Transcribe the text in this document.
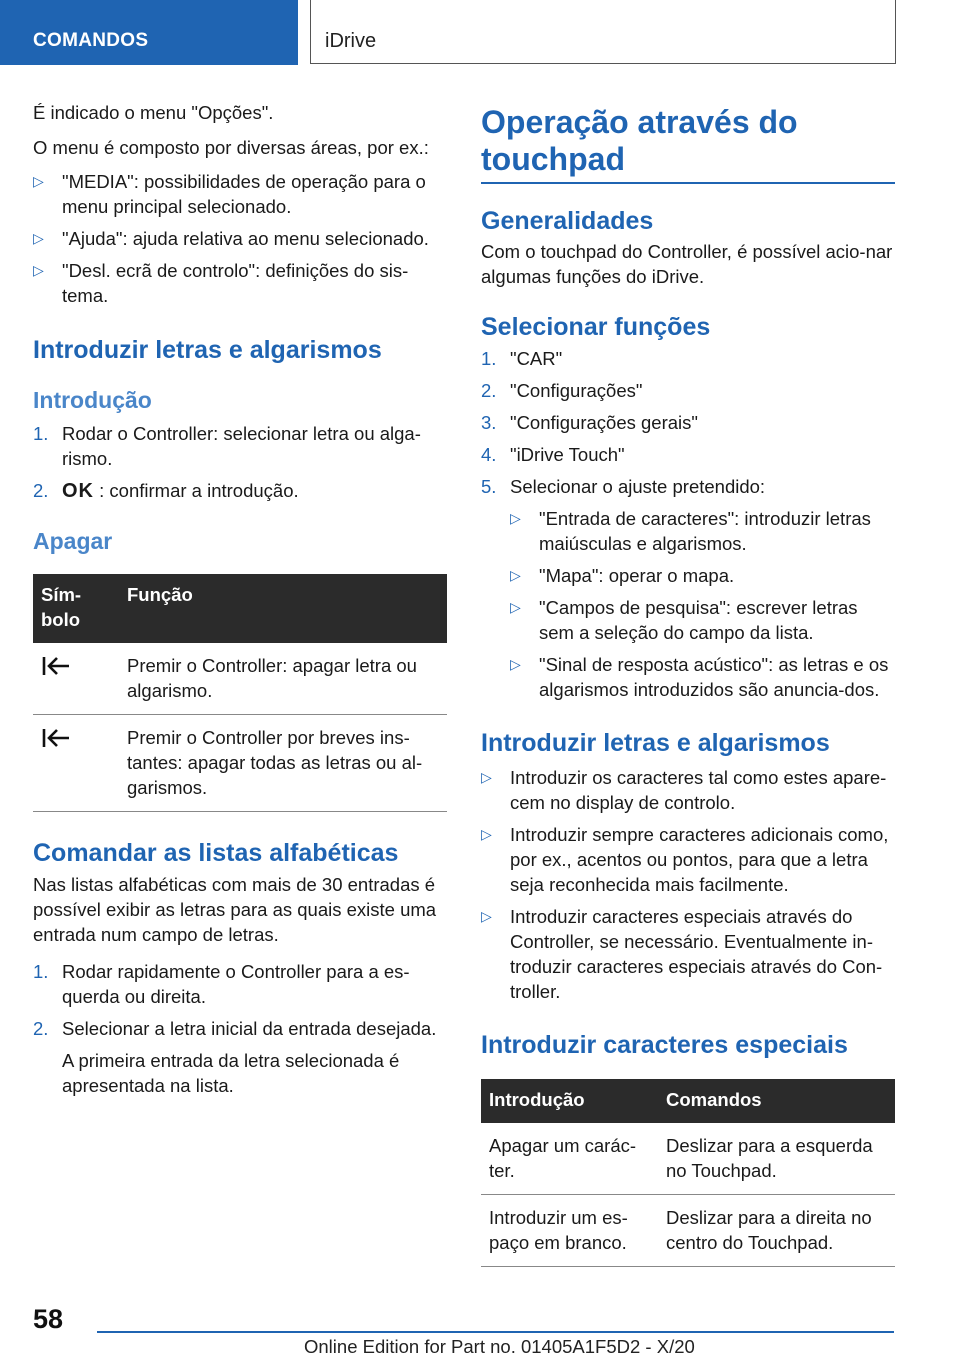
COMANDOS	iDrive

É indicado o menu "Opções".

O menu é composto por diversas áreas, por ex.:

▷ "MEDIA": possibilidades de operação para o menu principal selecionado.
▷ "Ajuda": ajuda relativa ao menu selecionado.
▷ "Desl. ecrã de controlo": definições do sis-tema.
Introduzir letras e algarismos
Introdução
1. Rodar o Controller: selecionar letra ou alga-rismo.
2. OK : confirmar a introdução.
Apagar
Sím-bolo	Função
	Premir o Controller: apagar letra ou algarismo.
	Premir o Controller por breves ins-tantes: apagar todas as letras ou al-garismos.
Comandar as listas alfabéticas

Nas listas alfabéticas com mais de 30 entradas é possível exibir as letras para as quais existe uma entrada num campo de letras.

1. Rodar rapidamente o Controller para a es-querda ou direita.
2. Selecionar a letra inicial da entrada desejada.

A primeira entrada da letra selecionada é apresentada na lista.

Operação através do touchpad
Generalidades

Com o touchpad do Controller, é possível acio-nar algumas funções do iDrive.

Selecionar funções
1. "CAR"
2. "Configurações"
3. "Configurações gerais"
4. "iDrive Touch"
5. Selecionar o ajuste pretendido:
▷ "Entrada de caracteres": introduzir letras maiúsculas e algarismos.
▷ "Mapa": operar o mapa.
▷ "Campos de pesquisa": escrever letras sem a seleção do campo da lista.
▷ "Sinal de resposta acústico": as letras e os algarismos introduzidos são anuncia-dos.
Introduzir letras e algarismos
▷ Introduzir os caracteres tal como estes apare-cem no display de controlo.
▷ Introduzir sempre caracteres adicionais como, por ex., acentos ou pontos, para que a letra seja reconhecida mais facilmente.
▷ Introduzir caracteres especiais através do Controller, se necessário. Eventualmente in-troduzir caracteres especiais através do Con-troller.
Introduzir caracteres especiais
Introdução	Comandos
Apagar um carác-ter.	Deslizar para a esquerda no Touchpad.
Introduzir um es-paço em branco.	Deslizar para a direita no centro do Touchpad.
58
Online Edition for Part no. 01405A1F5D2 - X/20
